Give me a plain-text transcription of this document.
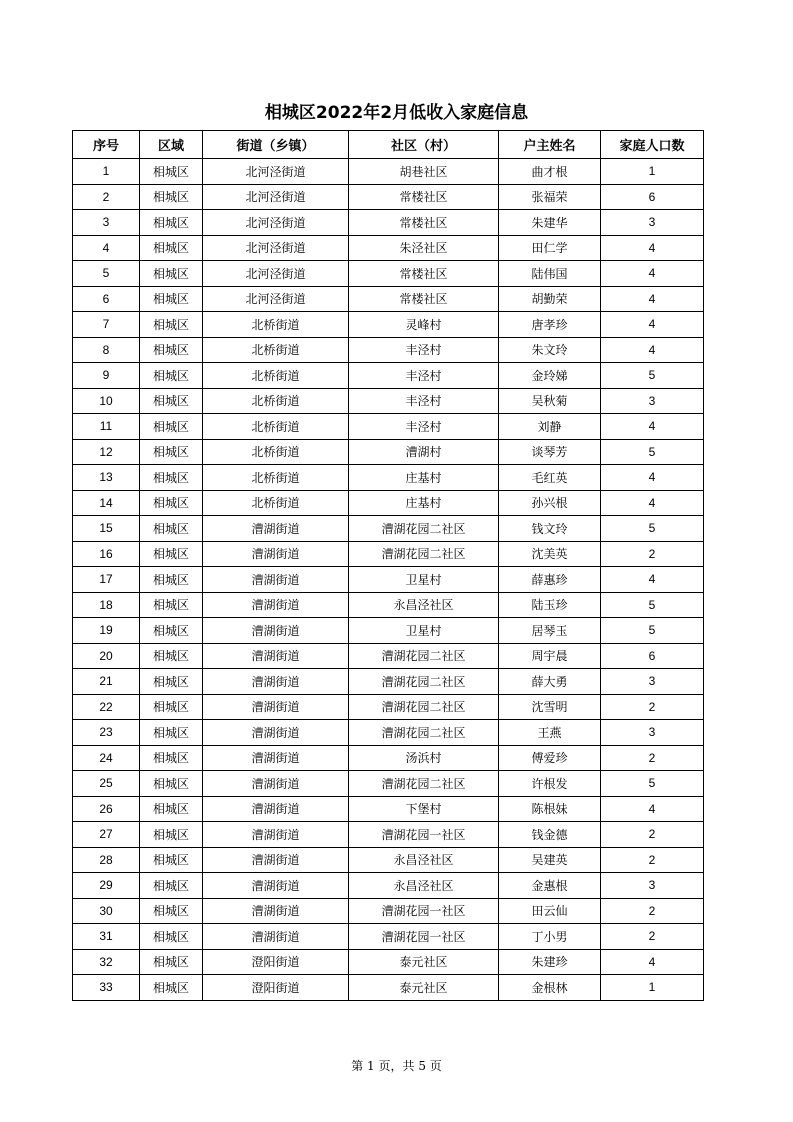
相城区2022年2月低收入家庭信息
序号	区域	街道（乡镇）	社区（村）	户主姓名	家庭人口数
1	相城区	北河泾街道	胡巷社区	曲才根	1
2	相城区	北河泾街道	常楼社区	张福荣	6
3	相城区	北河泾街道	常楼社区	朱建华	3
4	相城区	北河泾街道	朱泾社区	田仁学	4
5	相城区	北河泾街道	常楼社区	陆伟国	4
6	相城区	北河泾街道	常楼社区	胡勤荣	4
7	相城区	北桥街道	灵峰村	唐孝珍	4
8	相城区	北桥街道	丰泾村	朱文玲	4
9	相城区	北桥街道	丰泾村	金玲娣	5
10	相城区	北桥街道	丰泾村	吴秋菊	3
11	相城区	北桥街道	丰泾村	刘静	4
12	相城区	北桥街道	漕湖村	谈琴芳	5
13	相城区	北桥街道	庄基村	毛红英	4
14	相城区	北桥街道	庄基村	孙兴根	4
15	相城区	漕湖街道	漕湖花园二社区	钱文玲	5
16	相城区	漕湖街道	漕湖花园二社区	沈美英	2
17	相城区	漕湖街道	卫星村	薛惠珍	4
18	相城区	漕湖街道	永昌泾社区	陆玉珍	5
19	相城区	漕湖街道	卫星村	居琴玉	5
20	相城区	漕湖街道	漕湖花园二社区	周宇晨	6
21	相城区	漕湖街道	漕湖花园二社区	薛大勇	3
22	相城区	漕湖街道	漕湖花园二社区	沈雪明	2
23	相城区	漕湖街道	漕湖花园二社区	王燕	3
24	相城区	漕湖街道	汤浜村	傅爱珍	2
25	相城区	漕湖街道	漕湖花园二社区	许根发	5
26	相城区	漕湖街道	下堡村	陈根妹	4
27	相城区	漕湖街道	漕湖花园一社区	钱金德	2
28	相城区	漕湖街道	永昌泾社区	吴建英	2
29	相城区	漕湖街道	永昌泾社区	金惠根	3
30	相城区	漕湖街道	漕湖花园一社区	田云仙	2
31	相城区	漕湖街道	漕湖花园一社区	丁小男	2
32	相城区	澄阳街道	泰元社区	朱建珍	4
33	相城区	澄阳街道	泰元社区	金根林	1
第 1 页，共 5 页
